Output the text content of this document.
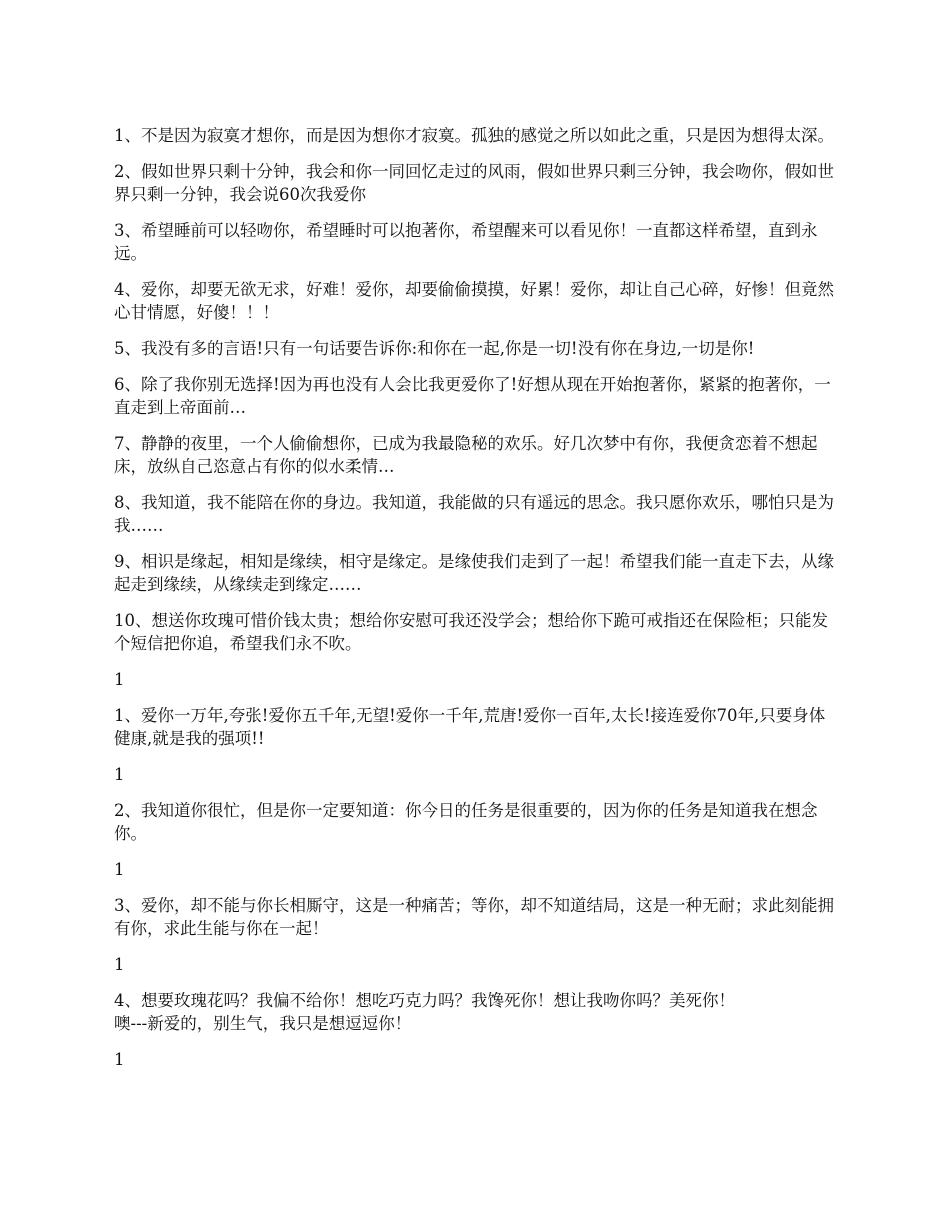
1、不是因为寂寞才想你，而是因为想你才寂寞。孤独的感觉之所以如此之重，只是因为想得太深。

2、假如世界只剩十分钟，我会和你一同回忆走过的风雨，假如世界只剩三分钟，我会吻你，假如世界只剩一分钟，我会说60次我爱你

3、希望睡前可以轻吻你，希望睡时可以抱著你，希望醒来可以看见你！一直都这样希望，直到永远。

4、爱你，却要无欲无求，好难！爱你，却要偷偷摸摸，好累！爱你，却让自己心碎，好惨！但竟然心甘情愿，好傻！！！

5、我没有多的言语!只有一句话要告诉你:和你在一起,你是一切!没有你在身边,一切是你!

6、除了我你别无选择!因为再也没有人会比我更爱你了!好想从现在开始抱著你，紧紧的抱著你，一直走到上帝面前…

7、静静的夜里，一个人偷偷想你，已成为我最隐秘的欢乐。好几次梦中有你，我便贪恋着不想起床，放纵自己恣意占有你的似水柔情…

8、我知道，我不能陪在你的身边。我知道，我能做的只有遥远的思念。我只愿你欢乐，哪怕只是为我……

9、相识是缘起，相知是缘续，相守是缘定。是缘使我们走到了一起！希望我们能一直走下去，从缘起走到缘续，从缘续走到缘定……

10、想送你玫瑰可惜价钱太贵；想给你安慰可我还没学会；想给你下跪可戒指还在保险柜；只能发个短信把你追，希望我们永不吹。

1

1、爱你一万年,夸张!爱你五千年,无望!爱你一千年,荒唐!爱你一百年,太长!接连爱你70年,只要身体健康,就是我的强项!!

1

2、我知道你很忙，但是你一定要知道：你今日的任务是很重要的，因为你的任务是知道我在想念你。

1

3、爱你，却不能与你长相厮守，这是一种痛苦；等你，却不知道结局，这是一种无耐；求此刻能拥有你，求此生能与你在一起！

1

4、想要玫瑰花吗？我偏不给你！想吃巧克力吗？我馋死你！想让我吻你吗？美死你！
噢---新爱的，别生气，我只是想逗逗你！

1
